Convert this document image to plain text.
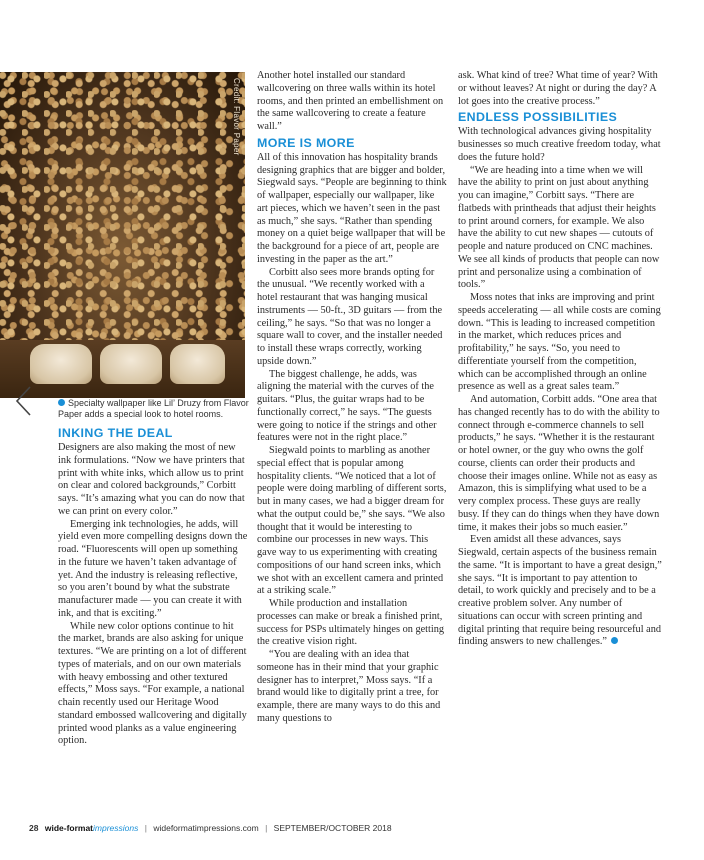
Credit: Flavor Paper
Specialty wallpaper like Lil’ Druzy from Flavor Paper adds a special look to hotel rooms.
INKING THE DEAL

Designers are also making the most of new ink formulations. “Now we have printers that print with white inks, which allow us to print on clear and colored backgrounds,” Corbitt says. “It’s amazing what you can do now that we can print on every color.”

Emerging ink technologies, he adds, will yield even more compelling designs down the road. “Fluorescents will open up something in the future we haven’t taken advantage of yet. And the industry is releasing reflective, so you aren’t bound by what the substrate manufacturer made — you can create it with ink, and that is exciting.”

While new color options continue to hit the market, brands are also asking for unique textures. “We are printing on a lot of different types of materials, and on our own materials with heavy embossing and other textured effects,” Moss says. “For example, a national chain recently used our Heritage Wood standard embossed wallcovering and digitally printed wood planks as a value engineering option.

Another hotel installed our standard wallcovering on three walls within its hotel rooms, and then printed an embellishment on the same wallcovering to create a feature wall.”

MORE IS MORE

All of this innovation has hospitality brands designing graphics that are bigger and bolder, Siegwald says. “People are beginning to think of wallpaper, especially our wallpaper, like art pieces, which we haven’t seen in the past as much,” she says. “Rather than spending money on a quiet beige wallpaper that will be the background for a piece of art, people are investing in the paper as the art.”

Corbitt also sees more brands opting for the unusual. “We recently worked with a hotel restaurant that was hanging musical instruments — 50-ft., 3D guitars — from the ceiling,” he says. “So that was no longer a square wall to cover, and the installer needed to install these wraps correctly, working upside down.”

The biggest challenge, he adds, was aligning the material with the curves of the guitars. “Plus, the guitar wraps had to be functionally correct,” he says. “The guests were going to notice if the strings and other features were not in the right place.”

Siegwald points to marbling as another special effect that is popular among hospitality clients. “We noticed that a lot of people were doing marbling of different sorts, but in many cases, we had a bigger dream for what the output could be,” she says. “We also thought that it would be interesting to combine our processes in new ways. This gave way to us experimenting with creating compositions of our hand screen inks, which we shot with an excellent camera and printed at a striking scale.”

While production and installation processes can make or break a finished print, success for PSPs ultimately hinges on getting the creative vision right.

“You are dealing with an idea that someone has in their mind that your graphic designer has to interpret,” Moss says. “If a brand would like to digitally print a tree, for example, there are many ways to do this and many questions to

ask. What kind of tree? What time of year? With or without leaves? At night or during the day? A lot goes into the creative process.”

ENDLESS POSSIBILITIES

With technological advances giving hospitality businesses so much creative freedom today, what does the future hold?

“We are heading into a time when we will have the ability to print on just about anything you can imagine,” Corbitt says. “There are flatbeds with printheads that adjust their heights to print around corners, for example. We also have the ability to cut new shapes — cutouts of people and nature produced on CNC machines. We see all kinds of products that people can now print and personalize using a combination of tools.”

Moss notes that inks are improving and print speeds accelerating — all while costs are coming down. “This is leading to increased competition in the market, which reduces prices and profitability,” he says. “So, you need to differentiate yourself from the competition, which can be accomplished through an online presence as well as a great sales team.”

And automation, Corbitt adds. “One area that has changed recently has to do with the ability to connect through e-commerce channels to sell products,” he says. “Whether it is the restaurant or hotel owner, or the guy who owns the golf course, clients can order their products and choose their images online. While not as easy as Amazon, this is simplifying what used to be a very complex process. These guys are really busy. If they can do things when they have down time, it makes their jobs so much easier.”

Even amidst all these advances, says Siegwald, certain aspects of the business remain the same. “It is important to have a great design,” she says. “It is important to pay attention to detail, to work quickly and precisely and to be a creative problem solver. Any number of situations can occur with screen printing and digital printing that require being resourceful and finding answers to new challenges.”

28 wide-formatimpressions | wideformatimpressions.com | SEPTEMBER/OCTOBER 2018
